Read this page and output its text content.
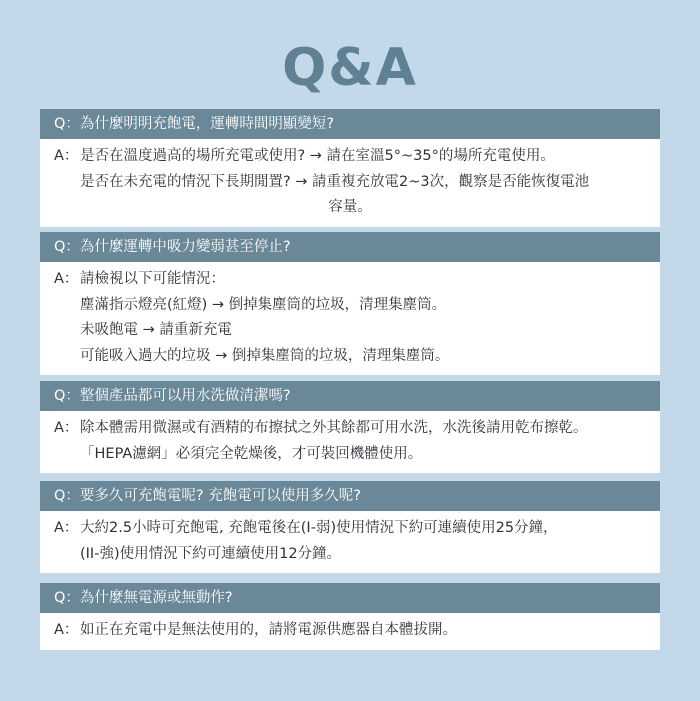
Q&A
Q：為什麼明明充飽電，運轉時間明顯變短?
A： 是否在溫度過高的場所充電或使用? → 請在室溫5°~35°的場所充電使用。
是否在未充電的情況下長期閒置? → 請重複充放電2~3次，觀察是否能恢復電池
容量。
Q：為什麼運轉中吸力變弱甚至停止?
A： 請檢視以下可能情況：
塵滿指示燈亮(紅燈) → 倒掉集塵筒的垃圾，清理集塵筒。
未吸飽電 → 請重新充電
可能吸入過大的垃圾 → 倒掉集塵筒的垃圾，清理集塵筒。
Q：整個產品都可以用水洗做清潔嗎?
A： 除本體需用微濕或有酒精的布擦拭之外其餘都可用水洗，水洗後請用乾布擦乾。
「HEPA濾網」必須完全乾燥後，才可裝回機體使用。
Q：要多久可充飽電呢? 充飽電可以使用多久呢?
A： 大約2.5小時可充飽電, 充飽電後在(I-弱)使用情況下約可連續使用25分鐘，
(II-強)使用情況下約可連續使用12分鐘。
Q：為什麼無電源或無動作?
A： 如正在充電中是無法使用的，請將電源供應器自本體拔開。
